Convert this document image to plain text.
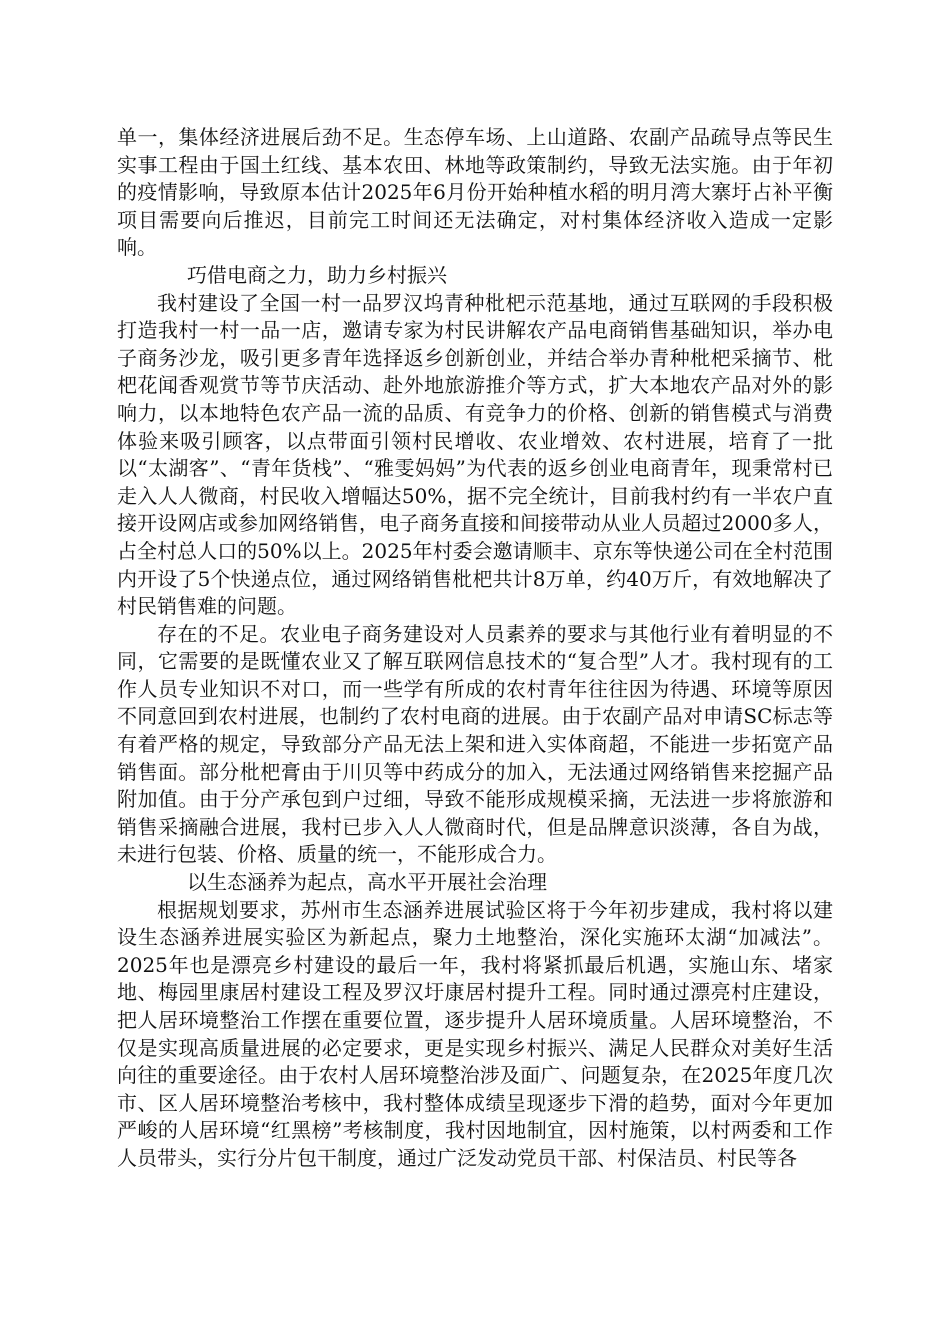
单一，集体经济进展后劲不足。生态停车场、上山道路、农副产品疏导点等民生实事工程由于国土红线、基本农田、林地等政策制约，导致无法实施。由于年初的疫情影响，导致原本估计2025年6月份开始种植水稻的明月湾大寨圩占补平衡项目需要向后推迟，目前完工时间还无法确定，对村集体经济收入造成一定影响。

巧借电商之力，助力乡村振兴

我村建设了全国一村一品罗汉坞青种枇杷示范基地，通过互联网的手段积极打造我村一村一品一店，邀请专家为村民讲解农产品电商销售基础知识，举办电子商务沙龙，吸引更多青年选择返乡创新创业，并结合举办青种枇杷采摘节、枇杷花闻香观赏节等节庆活动、赴外地旅游推介等方式，扩大本地农产品对外的影响力，以本地特色农产品一流的品质、有竞争力的价格、创新的销售模式与消费体验来吸引顾客，以点带面引领村民增收、农业增效、农村进展，培育了一批以“太湖客”、“青年货栈”、“雅雯妈妈”为代表的返乡创业电商青年，现秉常村已走入人人微商，村民收入增幅达50%，据不完全统计，目前我村约有一半农户直接开设网店或参加网络销售，电子商务直接和间接带动从业人员超过2000多人，占全村总人口的50%以上。2025年村委会邀请顺丰、京东等快递公司在全村范围内开设了5个快递点位，通过网络销售枇杷共计8万单，约40万斤，有效地解决了村民销售难的问题。

存在的不足。农业电子商务建设对人员素养的要求与其他行业有着明显的不同，它需要的是既懂农业又了解互联网信息技术的“复合型”人才。我村现有的工作人员专业知识不对口，而一些学有所成的农村青年往往因为待遇、环境等原因不同意回到农村进展，也制约了农村电商的进展。由于农副产品对申请SC标志等有着严格的规定，导致部分产品无法上架和进入实体商超，不能进一步拓宽产品销售面。部分枇杷膏由于川贝等中药成分的加入，无法通过网络销售来挖掘产品附加值。由于分产承包到户过细，导致不能形成规模采摘，无法进一步将旅游和销售采摘融合进展，我村已步入人人微商时代，但是品牌意识淡薄，各自为战，未进行包装、价格、质量的统一，不能形成合力。

以生态涵养为起点，高水平开展社会治理

根据规划要求，苏州市生态涵养进展试验区将于今年初步建成，我村将以建设生态涵养进展实验区为新起点，聚力土地整治，深化实施环太湖“加减法”。2025年也是漂亮乡村建设的最后一年，我村将紧抓最后机遇，实施山东、堵家地、梅园里康居村建设工程及罗汉圩康居村提升工程。同时通过漂亮村庄建设，把人居环境整治工作摆在重要位置，逐步提升人居环境质量。人居环境整治，不仅是实现高质量进展的必定要求，更是实现乡村振兴、满足人民群众对美好生活向往的重要途径。由于农村人居环境整治涉及面广、问题复杂，在2025年度几次市、区人居环境整治考核中，我村整体成绩呈现逐步下滑的趋势，面对今年更加严峻的人居环境“红黑榜”考核制度，我村因地制宜，因村施策，以村两委和工作人员带头，实行分片包干制度，通过广泛发动党员干部、村保洁员、村民等各
